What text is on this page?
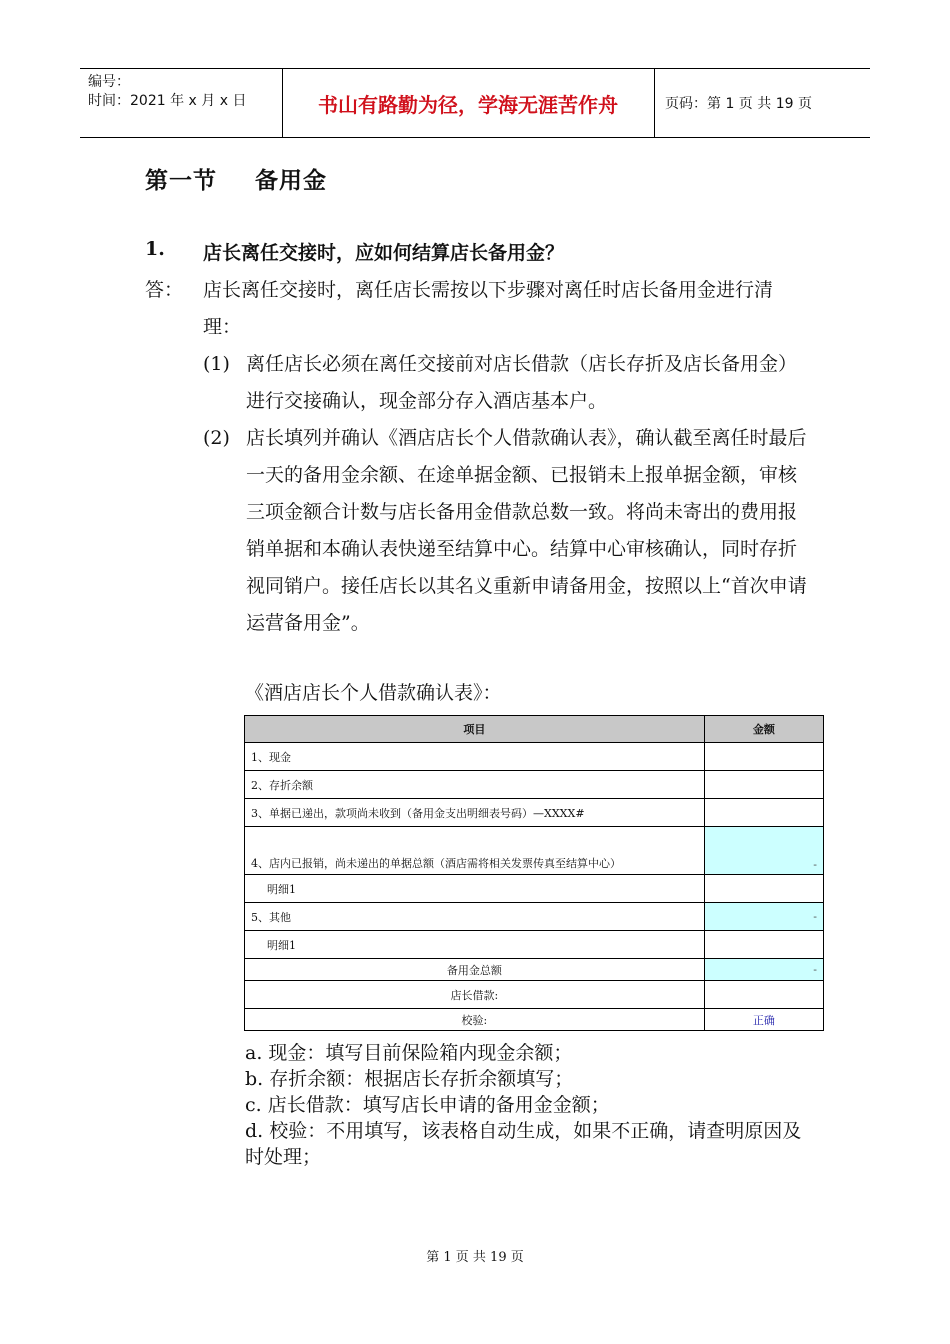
编号：
时间：2021 年 x 月 x 日	书山有路勤为径，学海无涯苦作舟	页码：第 1 页 共 19 页
第一节 备用金
1. 店长离任交接时，应如何结算店长备用金？
答： 店长离任交接时，离任店长需按以下步骤对离任时店长备用金进行清理：
(1) 离任店长必须在离任交接前对店长借款（店长存折及店长备用金）进行交接确认，现金部分存入酒店基本户。
(2) 店长填列并确认《酒店店长个人借款确认表》，确认截至离任时最后一天的备用金余额、在途单据金额、已报销未上报单据金额，审核三项金额合计数与店长备用金借款总数一致。将尚未寄出的费用报销单据和本确认表快递至结算中心。结算中心审核确认，同时存折视同销户。接任店长以其名义重新申请备用金，按照以上“首次申请运营备用金”。
《酒店店长个人借款确认表》：
项目	金额
1、现金	
2、存折余额	
3、单据已递出，款项尚未收到（备用金支出明细表号码）—XXXX#	
4、店内已报销，尚未递出的单据总额（酒店需将相关发票传真至结算中心）	-
明细1	
5、其他	-
明细1	
备用金总额	-
店长借款:	
校验:	正确
a. 现金：填写目前保险箱内现金余额；
b. 存折余额：根据店长存折余额填写；
c. 店长借款：填写店长申请的备用金金额；
d. 校验：不用填写，该表格自动生成，如果不正确，请查明原因及时处理；
第 1 页 共 19 页
